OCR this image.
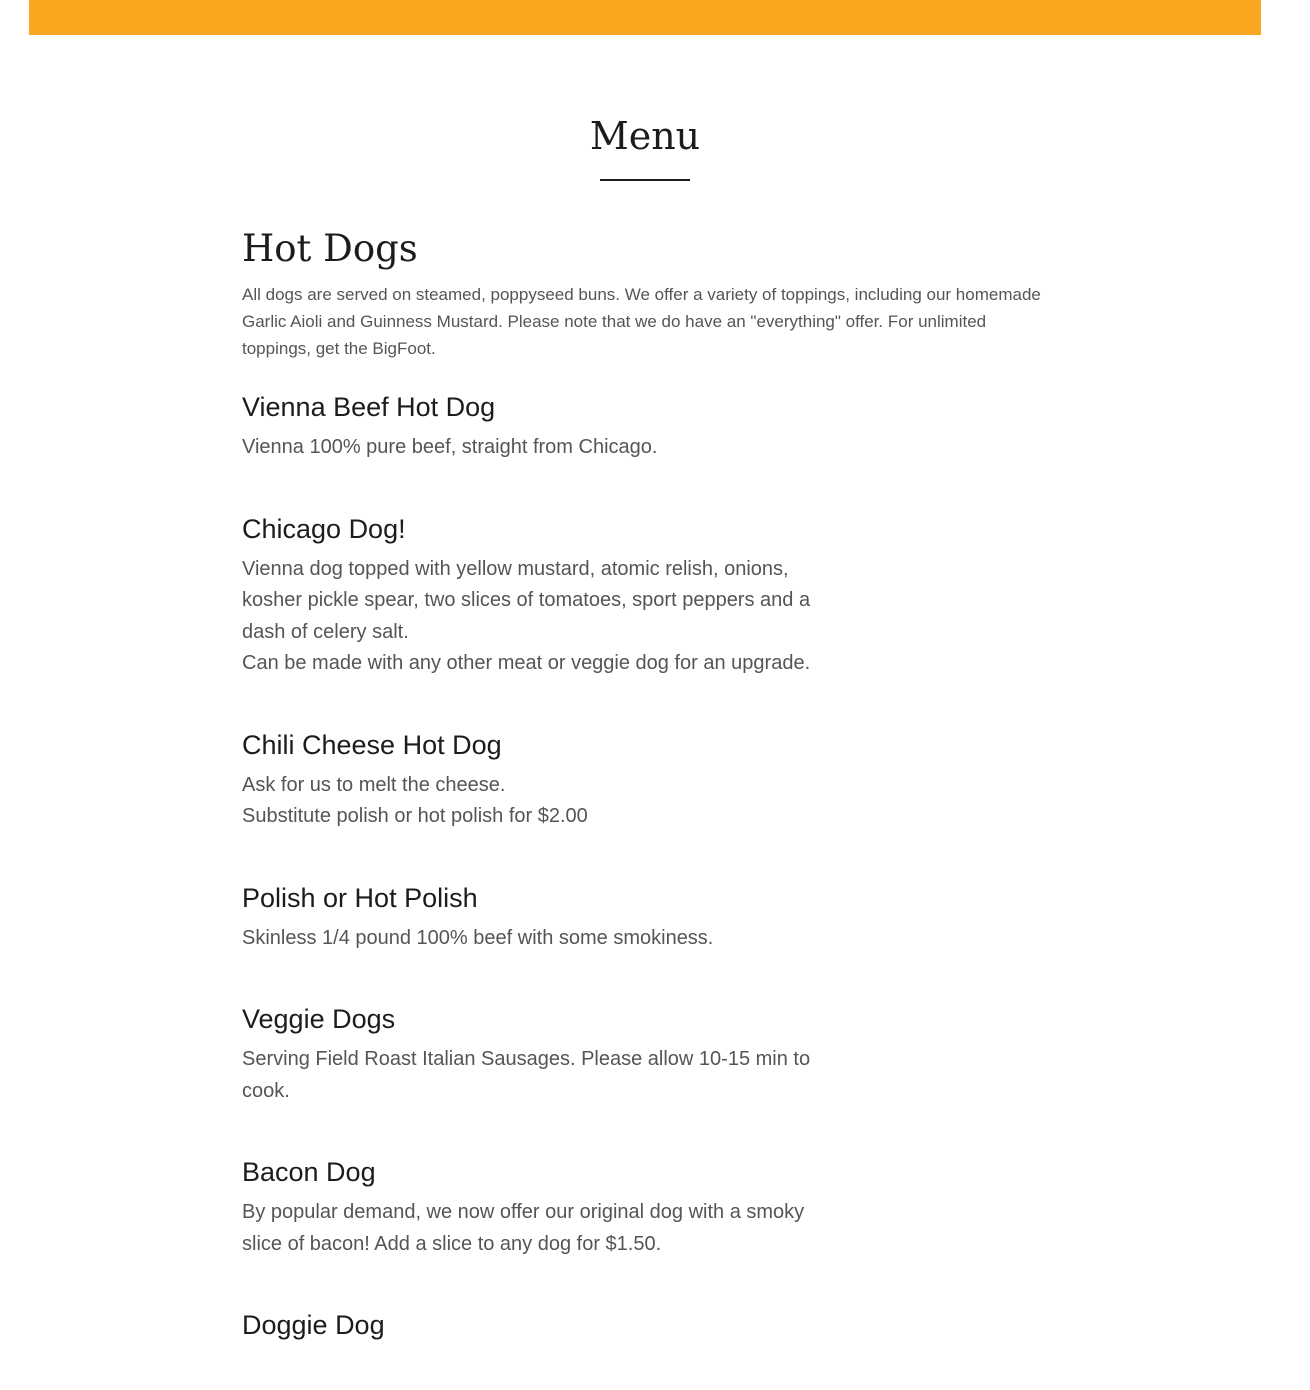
Menu
Hot Dogs

All dogs are served on steamed, poppyseed buns. We offer a variety of toppings, including our homemade Garlic Aioli and Guinness Mustard. Please note that we do have an "everything" offer. For unlimited toppings, get the BigFoot.

Vienna Beef Hot Dog
Vienna 100% pure beef, straight from Chicago.
Chicago Dog!
Vienna dog topped with yellow mustard, atomic relish, onions, kosher pickle spear, two slices of tomatoes, sport peppers and a dash of celery salt.
Can be made with any other meat or veggie dog for an upgrade.
Chili Cheese Hot Dog
Ask for us to melt the cheese.
Substitute polish or hot polish for $2.00
Polish or Hot Polish
Skinless 1/4 pound 100% beef with some smokiness.
Veggie Dogs
Serving Field Roast Italian Sausages. Please allow 10-15 min to cook.
Bacon Dog
By popular demand, we now offer our original dog with a smoky slice of bacon! Add a slice to any dog for $1.50.
Doggie Dog
